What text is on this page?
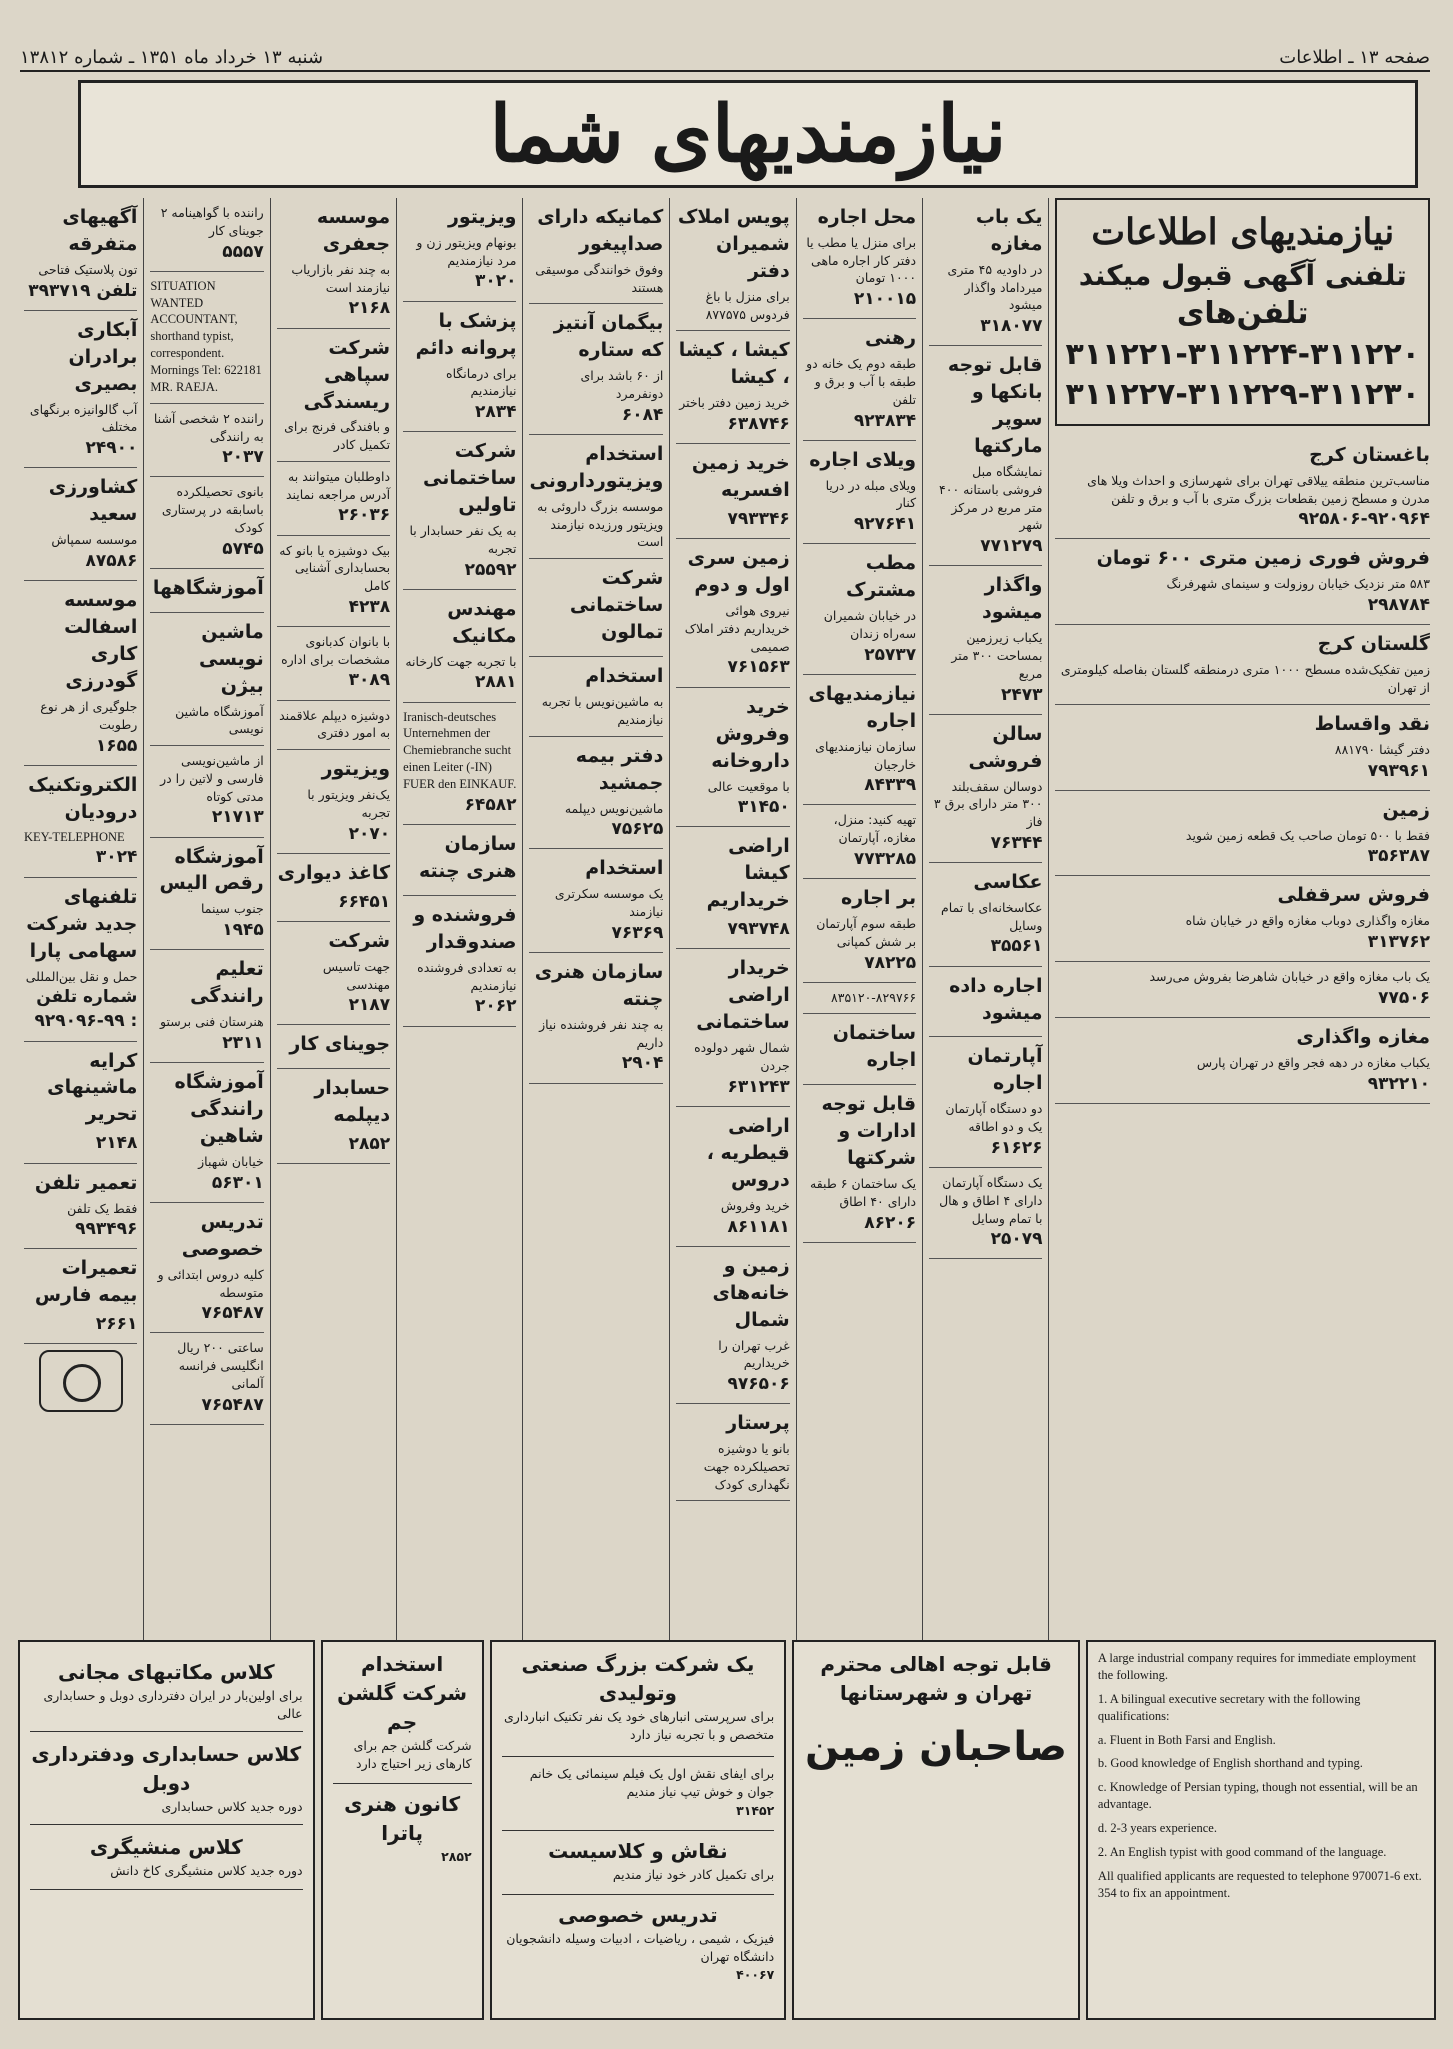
شنبه ۱۳ خرداد ماه ۱۳۵۱ ـ شماره ۱۳۸۱۲	صفحه ۱۳ ـ اطلاعات
نیازمندیهای شما
نیازمندیهای اطلاعات
تلفنی آگهی قبول میکند
تلفن‌های ۳۱۱۲۲۰-۳۱۱۲۲۴-۳۱۱۲۲۱
۳۱۱۲۲۷-۳۱۱۲۲۹-۳۱۱۲۳۰
باغستان کرج
مناسب‌ترین منطقه ییلاقی تهران برای شهرسازی و احداث ویلا های مدرن و مسطح زمین بقطعات بزرگ مترى با آب و برق و تلفن
۹۲۵۸۰۶-۹۲۰۹۶۴
فروش فوری زمین متری ۶۰۰ تومان
۵۸۳ متر نزدیک خیابان روزولت و سینمای شهرفرنگ
۲۹۸۷۸۴
گلستان کرج
زمین تفکیک‌شده مسطح ۱۰۰۰ متری درمنطقه گلستان بفاصله کیلومتری از تهران
نقد واقساط
دفتر گیشا ۸۸۱۷۹۰
۷۹۳۹۶۱
زمین
فقط با ۵۰۰ تومان صاحب یک قطعه زمین شوید
۳۵۶۳۸۷
فروش سرقفلی
مغازه واگذاری دوباب مغازه واقع در خیابان شاه
۳۱۳۷۶۲
یک باب مغازه واقع در خیابان شاهرضا بفروش می‌رسد
۷۷۵۰۶
مغازه واگذاری
یکباب مغازه در دهه فجر واقع در تهران پارس
۹۳۲۲۱۰
یک باب مغازه
در داودیه ۴۵ متری میرداماد واگذار میشود
۳۱۸۰۷۷
قابل توجه بانکها و سوپر مارکتها
نمایشگاه مبل فروشی باستانه ۴۰۰ متر مربع در مرکز شهر
۷۷۱۲۷۹
واگذار میشود
یکباب زیرزمین بمساحت ۳۰۰ متر مربع
۲۴۷۳
سالن فروشی
دوسالن سقف‌بلند ۳۰۰ متر دارای برق ۳ فاز
۷۶۳۴۴
عکاسی
عکاسخانه‌ای با تمام وسایل
۳۵۵۶۱
اجاره داده میشود
آپارتمان اجاره
دو دستگاه آپارتمان یک و دو اطاقه
۶۱۶۲۶
یک دستگاه آپارتمان دارای ۴ اطاق و هال با تمام وسایل
۲۵۰۷۹
محل اجاره
برای منزل یا مطب یا دفتر کار اجاره ماهی ۱۰۰۰ تومان
۲۱۰۰۱۵
رهنی
طبقه دوم یک خانه دو طبقه با آب و برق و تلفن
۹۲۳۸۳۴
ویلای اجاره
ویلای مبله در دریا کنار
۹۲۷۶۴۱
مطب مشترک
در خیابان شمیران سه‌راه زندان
۲۵۷۳۷
نیازمندیهای اجاره
سازمان نیازمندیهای خارجیان
۸۴۳۳۹
تهیه کنید: منزل، مغازه، آپارتمان
۷۷۳۲۸۵
بر اجاره
طبقه سوم آپارتمان بر شش کمپانی
۷۸۲۲۵
۸۳۵۱۲۰-۸۲۹۷۶۶
ساختمان اجاره
قابل توجه ادارات و شرکتها
یک ساختمان ۶ طبقه دارای ۴۰ اطاق
۸۶۲۰۶
پویس املاک شمیران دفتر
برای منزل با باغ فردوس ۸۷۷۵۷۵
کیشا ، کیشا ، کیشا
خرید زمین دفتر باختر
۶۳۸۷۴۶
خرید زمین افسریه
۷۹۳۳۴۶
زمین سری اول و دوم
نیروی هوائی خریداریم دفتر املاک صمیمی
۷۶۱۵۶۳
خرید وفروش داروخانه
با موقعیت عالی
۳۱۴۵۰
اراضی کیشا خریداریم
۷۹۳۷۴۸
خریدار اراضی ساختمانی
شمال شهر دولوده جردن
۶۳۱۲۴۳
اراضی قیطریه ، دروس
خرید وفروش
۸۶۱۱۸۱
زمین و خانه‌های شمال
غرب تهران را خریداریم
۹۷۶۵۰۶
پرستار
بانو یا دوشیزه تحصیلکرده جهت نگهداری کودک
کمانیکه دارای صداپیغور
وفوق خوانندگی موسیقی هستند
بیگمان آنتیز که ستاره
از ۶۰ باشد برای دونفرمرد
۶۰۸۴
استخدام ویزیتوردارونی
موسسه بزرگ داروئی به ویزیتور ورزیده نیازمند است
شرکت ساختمانی تمالون
استخدام
به ماشین‌نویس با تجربه نیازمندیم
دفتر بیمه جمشید
ماشین‌نویس دیپلمه
۷۵۶۲۵
استخدام
یک موسسه سکرترى نیازمند
۷۶۳۶۹
سازمان هنری چنته
به چند نفر فروشنده نیاز داریم
۲۹۰۴
ویزیتور
بونهام ویزیتور زن و مرد نیازمندیم
۳۰۲۰
پزشک با پروانه دائم
برای درمانگاه نیازمندیم
۲۸۳۴
شرکت ساختمانی تاولیں
به یک نفر حسابدار با تجربه
۲۵۵۹۲
مهندس مکانیک
با تجربه جهت کارخانه
۲۸۸۱
Iranisch-deutsches Unternehmen der Chemiebranche sucht einen Leiter (-IN) FUER den EINKAUF.
۶۴۵۸۲
سازمان هنری چنته
فروشنده و صندوقدار
به تعدادی فروشنده نیازمندیم
۲۰۶۲
موسسه جعفری
به چند نفر بازاریاب نیازمند است
۲۱۶۸
شرکت سپاهی ریسندگی
و بافندگی فرنج برای تکمیل کادر
داوطلبان میتوانند به آدرس مراجعه نمایند
۲۶۰۳۶
بیک دوشیزه یا بانو که بحسابداری آشنایی کامل
۴۲۳۸
با بانوان کدبانوی مشخصات برای اداره
۳۰۸۹
دوشیزه دیپلم علاقمند به امور دفتری
ویزیتور
یک‌نفر ویزیتور با تجربه
۲۰۷۰
کاغذ دیواری
۶۶۴۵۱
شرکت
جهت تاسیس مهندسی
۲۱۸۷
جوینای کار
حسابدار دیپلمه
۲۸۵۲
راننده با گواهینامه ۲ جوینای کار
۵۵۵۷
SITUATION WANTED ACCOUNTANT, shorthand typist, correspondent. Mornings Tel: 622181 MR. RAEJA.
راننده ۲ شخصی آشنا به رانندگی
۲۰۳۷
بانوی تحصیلکرده باسابقه در پرستاری کودک
۵۷۴۵
آموزشگاهها
ماشین نویسی بیژن
آموزشگاه ماشین نویسی
از ماشین‌نویسی فارسی و لاتین را در مدتی کوتاه
۲۱۷۱۳
آموزشگاه رقص الیس
جنوب سینما
۱۹۴۵
تعلیم رانندگی
هنرستان فنی برستو
۲۳۱۱
آموزشگاه رانندگی شاهین
خیابان شهباز
۵۶۳۰۱
تدریس خصوصی
کلیه دروس ابتدائی و متوسطه
۷۶۵۴۸۷
ساعتی ۲۰۰ ریال انگلیسی فرانسه آلمانی
۷۶۵۴۸۷
آگهیهای متفرقه
تون پلاستیک فتاحی
تلفن ۳۹۳۷۱۹
آبکاری برادران بصیری
آب گالوانیزه برنگهای مختلف
۲۴۹۰۰
کشاورزی سعید
موسسه سمپاش
۸۷۵۸۶
موسسه اسفالت کاری گودرزی
جلوگیری از هر نوع رطوبت
۱۶۵۵
الکتروتکنیک درودیان
KEY-TELEPHONE
۳۰۲۴
تلفنهای جدید شرکت سهامی پارا
حمل و نقل بین‌المللی
شماره تلفن : ۹۹-۹۲۹۰۹۶
کرایه ماشینهای تحریر
۲۱۴۸
تعمیر تلفن
فقط یک تلفن
۹۹۳۴۹۶
تعمیرات بیمه فارس
۲۶۶۱
A large industrial company requires for immediate employment the following.
1. A bilingual executive secretary with the following qualifications:
a. Fluent in Both Farsi and English.
b. Good knowledge of English shorthand and typing.
c. Knowledge of Persian typing, though not essential, will be an advantage.
d. 2-3 years experience.
2. An English typist with good command of the language.
All qualified applicants are requested to telephone 970071-6 ext. 354 to fix an appointment.
قابل توجه اهالی محترم تهران و شهرستانها
صاحبان زمین
یک شرکت بزرگ صنعتی وتولیدی
برای سرپرستی انبارهای خود یک نفر تکنیک انبارداری متخصص و با تجربه نیاز دارد
برای ایفای نقش اول یک فیلم سینمائی یک خانم جوان و خوش تیپ نیاز مندیم
۳۱۴۵۲
نقاش و کلاسیست
برای تکمیل کادر خود نیاز مندیم
تدریس خصوصی
فیزیک ، شیمی ، ریاضیات ، ادبیات وسیله دانشجویان دانشگاه تهران
۴۰۰۶۷
استخدام شرکت گلشن جم
شرکت گلشن جم برای کارهای زیر احتیاج دارد
کانون هنری پاترا
۲۸۵۲
کلاس مکاتبهای مجانی
برای اولین‌بار در ایران دفترداری دوبل و حسابداری عالی
کلاس حسابداری ودفترداری دوبل
دوره جدید کلاس حسابداری
کلاس منشیگری
دوره جدید کلاس منشیگری کاخ دانش
